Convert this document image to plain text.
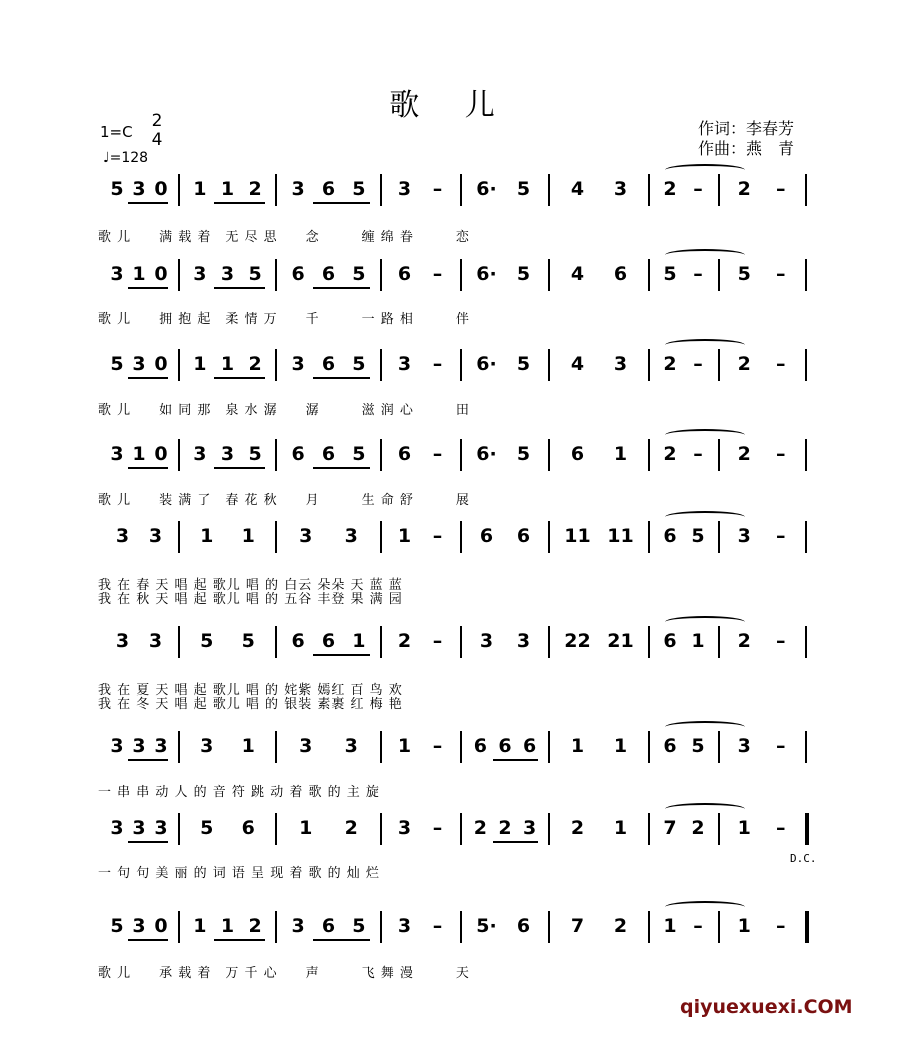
歌 儿
1=C
2
4
♩=128
作词：李春芳
作曲：燕　青
5 3 0	1 1 2	3 6 5	3	–	6·	5	4	3	2 –	2	–
歌 儿　　满 载 着　无 尽 思　　念　　　缠 绵 眷　　　恋
3 1 0	3 3 5	6 6 5	6	–	6·	5	4	6	5 –	5	–
歌 儿　　拥 抱 起　柔 情 万　　千　　　一 路 相　　　伴
5 3 0	1 1 2	3 6 5	3	–	6·	5	4	3	2 –	2	–
歌 儿　　如 同 那　泉 水 潺　　潺　　　滋 润 心　　　田
3 1 0	3 3 5	6 6 5	6	–	6·	5	6	1	2 –	2	–
歌 儿　　装 满 了　春 花 秋　　月　　　生 命 舒　　　展
3	3	1	1	3	3	1	–	6	6	11 11	6 5	3	–
我 在 春 天 唱 起 歌儿 唱 的 白云 朵朵 天 蓝 蓝
我 在 秋 天 唱 起 歌儿 唱 的 五谷 丰登 果 满 园
3	3	5	5	6 6 1	2	–	3	3	22 21	6 1	2	–
我 在 夏 天 唱 起 歌儿 唱 的 姹紫 嫣红 百 鸟 欢
我 在 冬 天 唱 起 歌儿 唱 的 银装 素裹 红 梅 艳
3 3 3	3	1	3	3	1	–	6 6 6	1	1	6 5	3	–
一 串 串 动 人 的 音 符 跳 动 着 歌 的 主 旋
3 3 3	5	6	1	2	3	–	2 2 3	2	1	7 2	1	–
一 句 句 美 丽 的 词 语 呈 现 着 歌 的 灿 烂
5 3 0	1 1 2	3 6 5	3	–	5·	6	7	2	1 –	1	–
歌 儿　　承 载 着　万 千 心　　声　　　飞 舞 漫　　　天
D.C.
qiyuexuexi.COM
